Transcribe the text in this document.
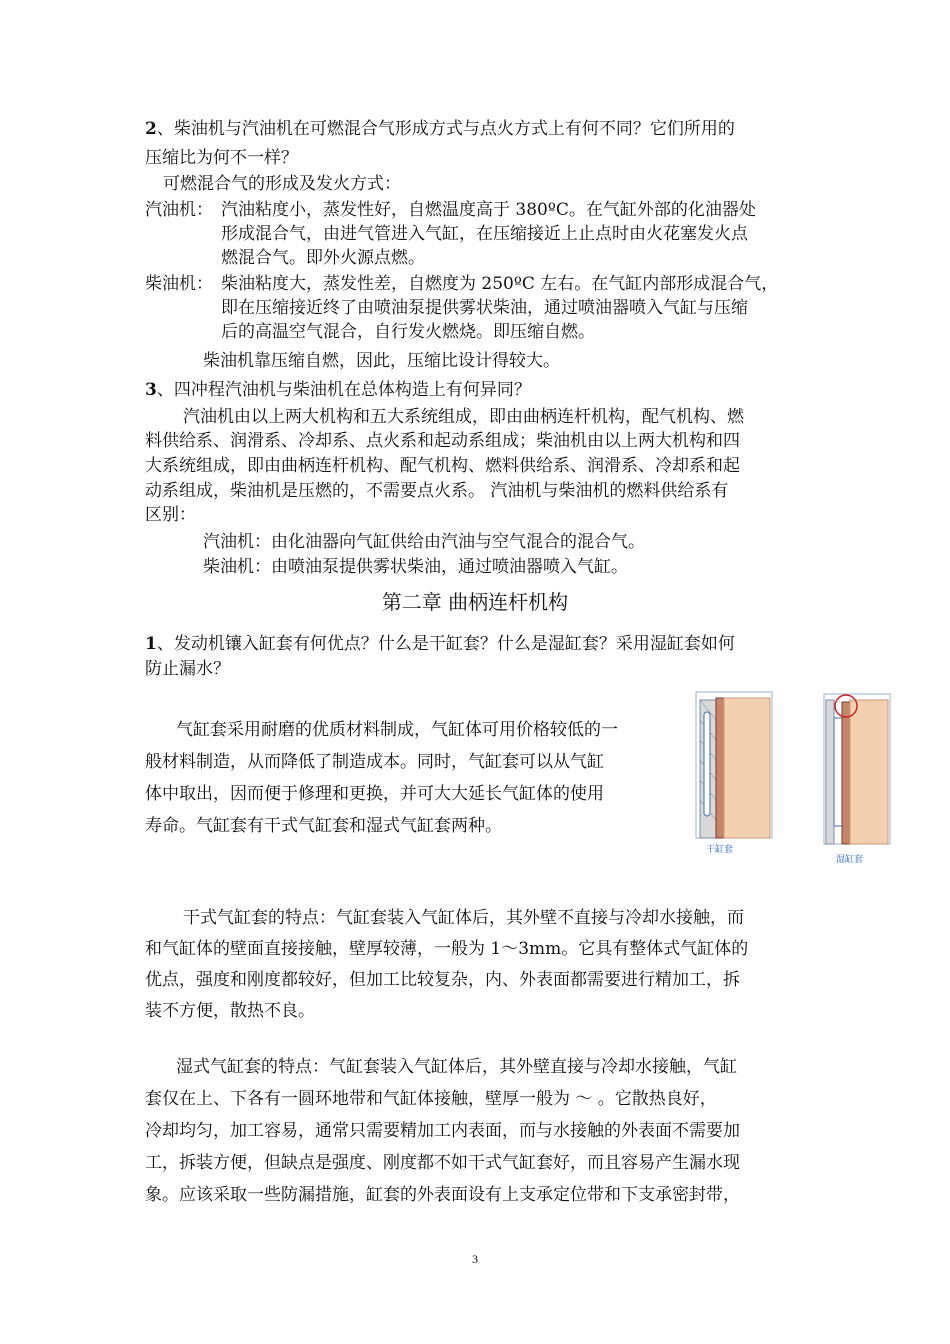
2、柴油机与汽油机在可燃混合气形成方式与点火方式上有何不同？它们所用的
压缩比为何不一样？
可燃混合气的形成及发火方式：
汽油机： 汽油粘度小，蒸发性好，自燃温度高于 380ºC。在气缸外部的化油器处
形成混合气，由进气管进入气缸，在压缩接近上止点时由火花塞发火点
燃混合气。即外火源点燃。
柴油机： 柴油粘度大，蒸发性差，自燃度为 250ºC 左右。在气缸内部形成混合气，
即在压缩接近终了由喷油泵提供雾状柴油，通过喷油器喷入气缸与压缩
后的高温空气混合，自行发火燃烧。即压缩自燃。
柴油机靠压缩自燃，因此，压缩比设计得较大。
3、四冲程汽油机与柴油机在总体构造上有何异同？
汽油机由以上两大机构和五大系统组成，即由曲柄连杆机构，配气机构、燃
料供给系、润滑系、冷却系、点火系和起动系组成；柴油机由以上两大机构和四
大系统组成，即由曲柄连杆机构、配气机构、燃料供给系、润滑系、冷却系和起
动系组成，柴油机是压燃的，不需要点火系。 汽油机与柴油机的燃料供给系有
区别：
汽油机：由化油器向气缸供给由汽油与空气混合的混合气。
柴油机：由喷油泵提供雾状柴油，通过喷油器喷入气缸。
第二章 曲柄连杆机构
1、发动机镶入缸套有何优点？什么是干缸套？什么是湿缸套？采用湿缸套如何
防止漏水？
气缸套采用耐磨的优质材料制成，气缸体可用价格较低的一
般材料制造，从而降低了制造成本。同时，气缸套可以从气缸
体中取出，因而便于修理和更换，并可大大延长气缸体的使用
寿命。气缸套有干式气缸套和湿式气缸套两种。
干缸套
湿缸套
干式气缸套的特点：气缸套装入气缸体后，其外壁不直接与冷却水接触，而
和气缸体的壁面直接接触，壁厚较薄，一般为 1～3mm。它具有整体式气缸体的
优点，强度和刚度都较好，但加工比较复杂，内、外表面都需要进行精加工，拆
装不方便，散热不良。
湿式气缸套的特点：气缸套装入气缸体后，其外壁直接与冷却水接触，气缸
套仅在上、下各有一圆环地带和气缸体接触，壁厚一般为 ～ 。它散热良好，
冷却均匀，加工容易，通常只需要精加工内表面，而与水接触的外表面不需要加
工，拆装方便，但缺点是强度、刚度都不如干式气缸套好，而且容易产生漏水现
象。应该采取一些防漏措施，缸套的外表面设有上支承定位带和下支承密封带，
3
